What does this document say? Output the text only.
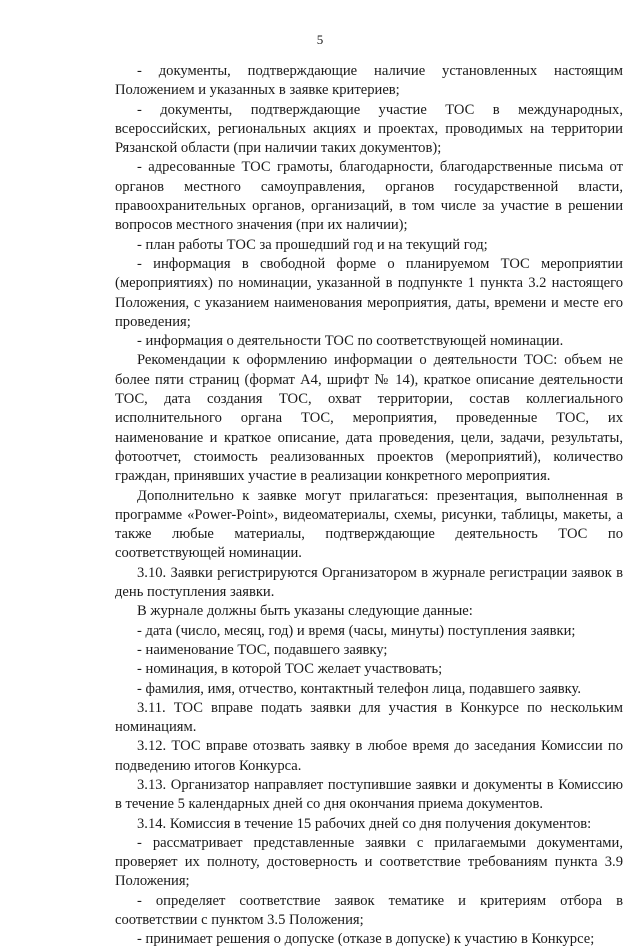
5

- документы, подтверждающие наличие установленных настоящим Положением и указанных в заявке критериев;

- документы, подтверждающие участие ТОС в международных, всероссийских, региональных акциях и проектах, проводимых на территории Рязанской области (при наличии таких документов);

- адресованные ТОС грамоты, благодарности, благодарственные письма от органов местного самоуправления, органов государственной власти, правоохранительных органов, организаций, в том числе за участие в решении вопросов местного значения (при их наличии);

- план работы ТОС за прошедший год и на текущий год;

- информация в свободной форме о планируемом ТОС мероприятии (мероприятиях) по номинации, указанной в подпункте 1 пункта 3.2 настоящего Положения, с указанием наименования мероприятия, даты, времени и месте его проведения;

- информация о деятельности ТОС по соответствующей номинации.

Рекомендации к оформлению информации о деятельности ТОС: объем не более пяти страниц (формат А4, шрифт № 14), краткое описание деятельности ТОС, дата создания ТОС, охват территории, состав коллегиального исполнительного органа ТОС, мероприятия, проведенные ТОС, их наименование и краткое описание, дата проведения, цели, задачи, результаты, фотоотчет, стоимость реализованных проектов (мероприятий), количество граждан, принявших участие в реализации конкретного мероприятия.

Дополнительно к заявке могут прилагаться: презентация, выполненная в программе «Power-Point», видеоматериалы, схемы, рисунки, таблицы, макеты, а также любые материалы, подтверждающие деятельность ТОС по соответствующей номинации.

3.10. Заявки регистрируются Организатором в журнале регистрации заявок в день поступления заявки.

В журнале должны быть указаны следующие данные:

- дата (число, месяц, год) и время (часы, минуты) поступления заявки;

- наименование ТОС, подавшего заявку;

- номинация, в которой ТОС желает участвовать;

- фамилия, имя, отчество, контактный телефон лица, подавшего заявку.

3.11. ТОС вправе подать заявки для участия в Конкурсе по нескольким номинациям.

3.12. ТОС вправе отозвать заявку в любое время до заседания Комиссии по подведению итогов Конкурса.

3.13. Организатор направляет поступившие заявки и документы в Комиссию в течение 5 календарных дней со дня окончания приема документов.

3.14. Комиссия в течение 15 рабочих дней со дня получения документов:

- рассматривает представленные заявки с прилагаемыми документами, проверяет их полноту, достоверность и соответствие требованиям пункта 3.9 Положения;

- определяет соответствие заявок тематике и критериям отбора в соответствии с пунктом 3.5 Положения;

- принимает решения о допуске (отказе в допуске) к участию в Конкурсе;
